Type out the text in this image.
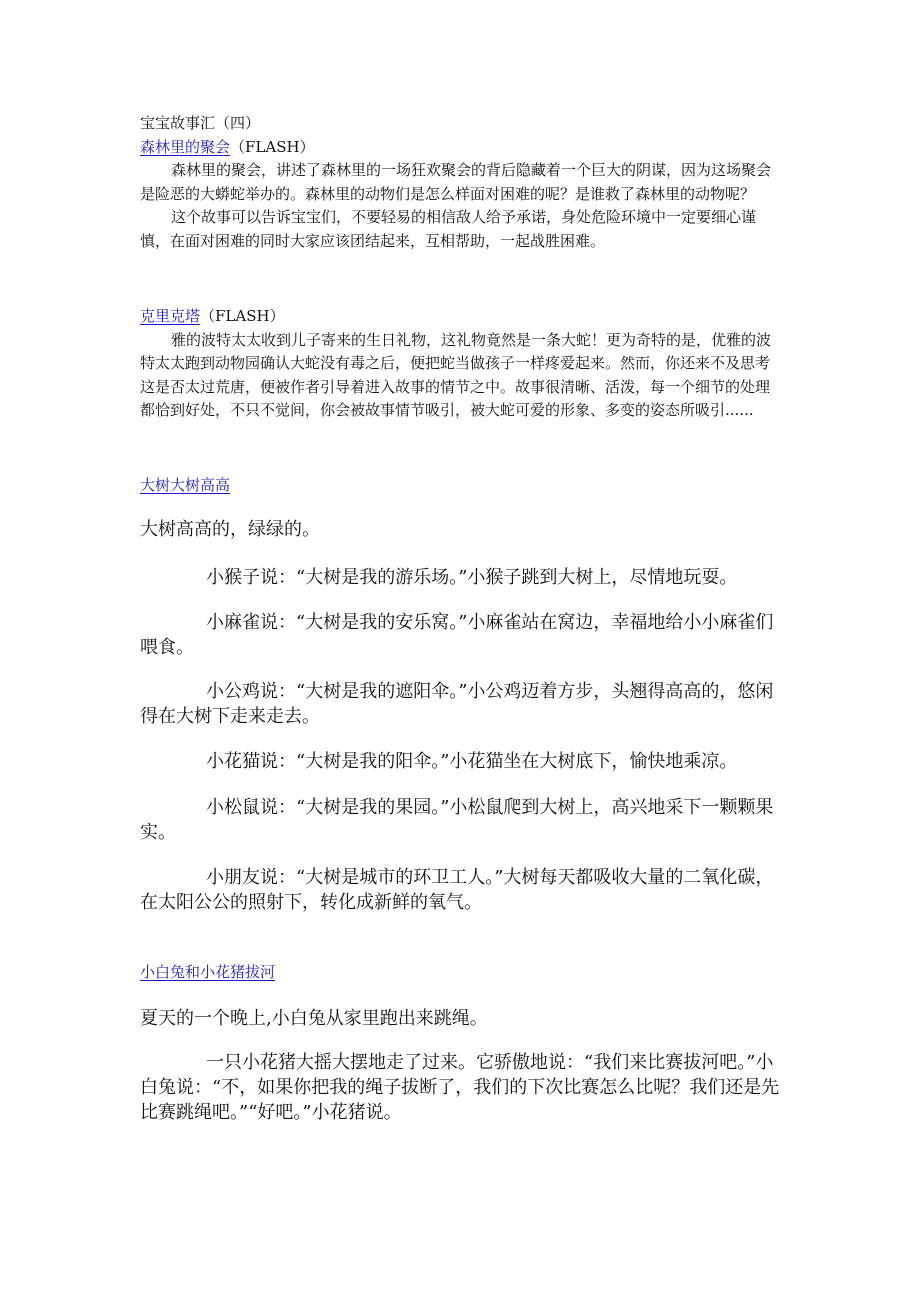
宝宝故事汇（四）

森林里的聚会（FLASH）

森林里的聚会，讲述了森林里的一场狂欢聚会的背后隐藏着一个巨大的阴谋，因为这场聚会是险恶的大蟒蛇举办的。森林里的动物们是怎么样面对困难的呢？是谁救了森林里的动物呢？

这个故事可以告诉宝宝们，不要轻易的相信敌人给予承诺，身处危险环境中一定要细心谨慎，在面对困难的同时大家应该团结起来，互相帮助，一起战胜困难。

克里克塔（FLASH）

雅的波特太太收到儿子寄来的生日礼物，这礼物竟然是一条大蛇！更为奇特的是，优雅的波特太太跑到动物园确认大蛇没有毒之后，便把蛇当做孩子一样疼爱起来。然而，你还来不及思考这是否太过荒唐，便被作者引导着进入故事的情节之中。故事很清晰、活泼，每一个细节的处理都恰到好处，不只不觉间，你会被故事情节吸引，被大蛇可爱的形象、多变的姿态所吸引......

大树大树高高

大树高高的，绿绿的。

小猴子说：“大树是我的游乐场。”小猴子跳到大树上，尽情地玩耍。

小麻雀说：“大树是我的安乐窝。”小麻雀站在窝边，幸福地给小小麻雀们喂食。

小公鸡说：“大树是我的遮阳伞。”小公鸡迈着方步，头翘得高高的，悠闲得在大树下走来走去。

小花猫说：“大树是我的阳伞。”小花猫坐在大树底下，愉快地乘凉。

小松鼠说：“大树是我的果园。”小松鼠爬到大树上，高兴地采下一颗颗果实。

小朋友说：“大树是城市的环卫工人。”大树每天都吸收大量的二氧化碳，在太阳公公的照射下，转化成新鲜的氧气。

小白兔和小花猪拔河

夏天的一个晚上,小白兔从家里跑出来跳绳。

一只小花猪大摇大摆地走了过来。它骄傲地说：“我们来比赛拔河吧。”小白兔说：“不，如果你把我的绳子拔断了，我们的下次比赛怎么比呢？我们还是先比赛跳绳吧。”“好吧。”小花猪说。
